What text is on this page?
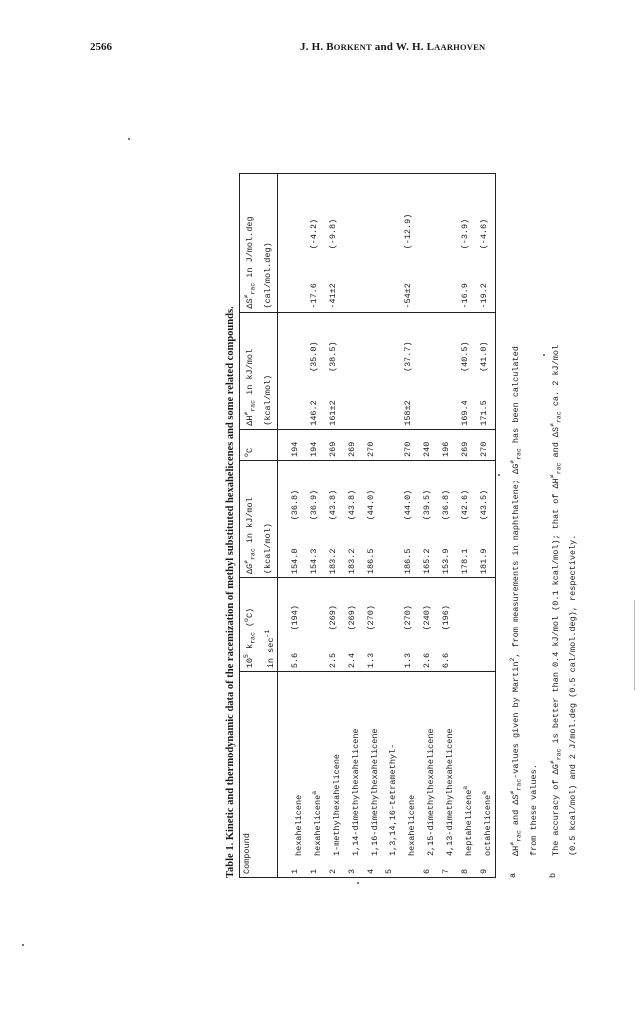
2566	J. H. BORKENT and W. H. LAARHOVEN
Table 1. Kinetic and thermodynamic data of the racemization of methyl substituted hexahelicenes and some related compounds. Compound		$10^5$ $k_{rac}$ ($^o$C)		$\Delta G^\ne_{rac}$ in kJ/mol		$^o$C	$\Delta H^\ne_{rac}$ in kJ/mol		$\Delta S^\ne_{rac}$ in J/mol.deg	
		in $\sec^{-1}$		(kcal/mol)			(kcal/mol)		(cal/mol.deg)	

1	hexahelicene	5.6	(194)	154.0	(36.8)	194				
1	hexahelicene$^a$			154.3	(36.9)	194	146.2	(35.0)	-17.6	(-4.2)
2	1-methylhexahelicene	2.5	(269)	183.2	(43.8)	269	161±2	(38.5)	-41±2	(-9.8)
3	1,14-dimethylhexahelicene	2.4	(269)	183.2	(43.8)	269				
4	1,16-dimethylhexahelicene	1.3	(270)	186.5	(44.0)	270				
5	1,3,14,16-tetramethyl-									
	hexahelicene	1.3	(270)	186.5	(44.0)	270	158±2	(37.7)	-54±2	(-12.9)
6	2,15-dimethylhexahelicene	2.6	(240)	165.2	(39.5)	240				
7	4,13-dimethylhexahelicene	6.6	(196)	153.9	(36.8)	196				
8	heptahelicene$^a$			178.1	(42.6)	269	169.4	(40.5)	-16.9	(-3.9)
9	octahelicene$^a$			181.9	(43.5)	270	171.5	(41.0)	-19.2	(-4.6)
a
$\Delta H^\ne_{rac}$ and $\Delta S^\ne_{rac}$-values given by Martin$^2$, from measurements in naphthalene; $\Delta G^\ne_{rac}$ has been calculated
from these values.
b
The accuracy of $\Delta G^\ne_{rac}$ is better than 0.4 kJ/mol (0.1 kcal/mol); that of $\Delta H^\ne_{rac}$ and $\Delta S^\ne_{rac}$ ca. 2 kJ/mol
(0.5 kcal/mol) and 2 J/mol.deg (0.5 cal/mol.deg), respectively.
